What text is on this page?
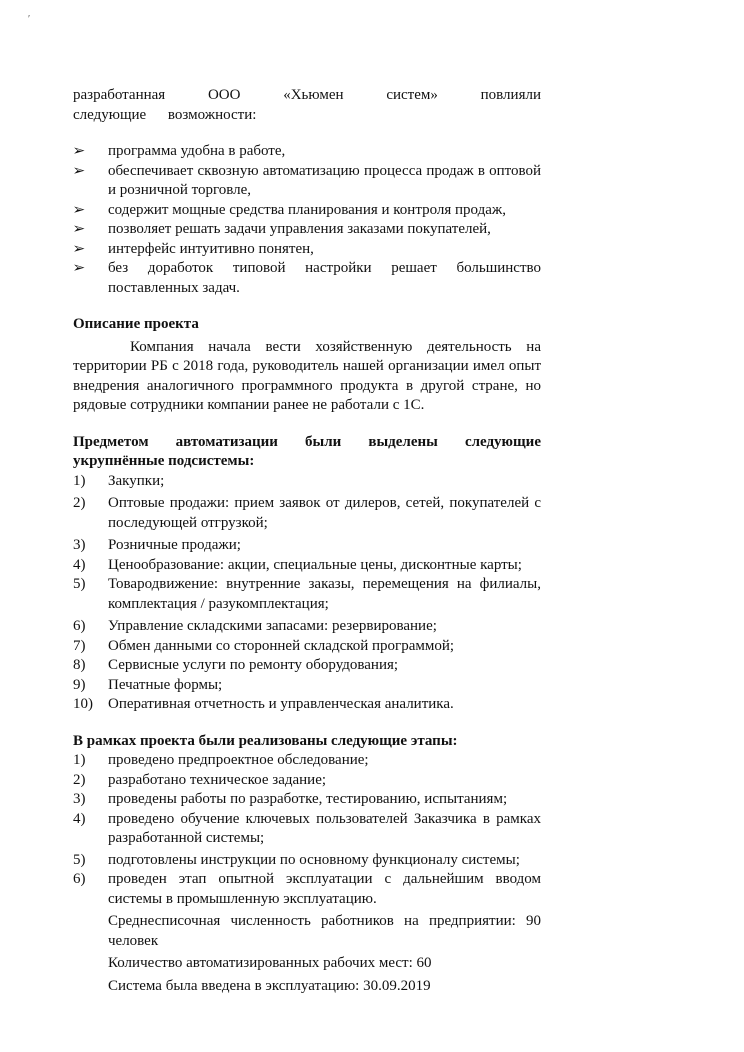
ʹ
разработанная ООО «Хьюмен систем» повлияли следующие возможности:
➢	программа удобна в работе,
➢	обеспечивает сквозную автоматизацию процесса продаж в оптовой и розничной торговле,
➢	содержит мощные средства планирования и контроля продаж,
➢	позволяет решать задачи управления заказами покупателей,
➢	интерфейс интуитивно понятен,
➢	без доработок типовой настройки решает большинство поставленных задач.
Описание проекта
Компания начала вести хозяйственную деятельность на территории РБ с 2018 года, руководитель нашей организации имел опыт внедрения аналогичного программного продукта в другой стране, но рядовые сотрудники компании ранее не работали с 1С.
Предметом автоматизации были выделены следующие укрупнённые подсистемы:
1)	Закупки;
2)	Оптовые продажи: прием заявок от дилеров, сетей, покупателей с последующей отгрузкой;
3)	Розничные продажи;
4)	Ценообразование: акции, специальные цены, дисконтные карты;
5)	Товародвижение: внутренние заказы, перемещения на филиалы, комплектация / разукомплектация;
6)	Управление складскими запасами: резервирование;
7)	Обмен данными со сторонней складской программой;
8)	Сервисные услуги по ремонту оборудования;
9)	Печатные формы;
10)	Оперативная отчетность и управленческая аналитика.
В рамках проекта были реализованы следующие этапы:
1)	проведено предпроектное обследование;
2)	разработано техническое задание;
3)	проведены работы по разработке, тестированию, испытаниям;
4)	проведено обучение ключевых пользователей Заказчика в рамках разработанной системы;
5)	подготовлены инструкции по основному функционалу системы;
6)	проведен этап опытной эксплуатации с дальнейшим вводом системы в промышленную эксплуатацию.
Среднесписочная численность работников на предприятии: 90 человек
Количество автоматизированных рабочих мест: 60
Система была введена в эксплуатацию: 30.09.2019
